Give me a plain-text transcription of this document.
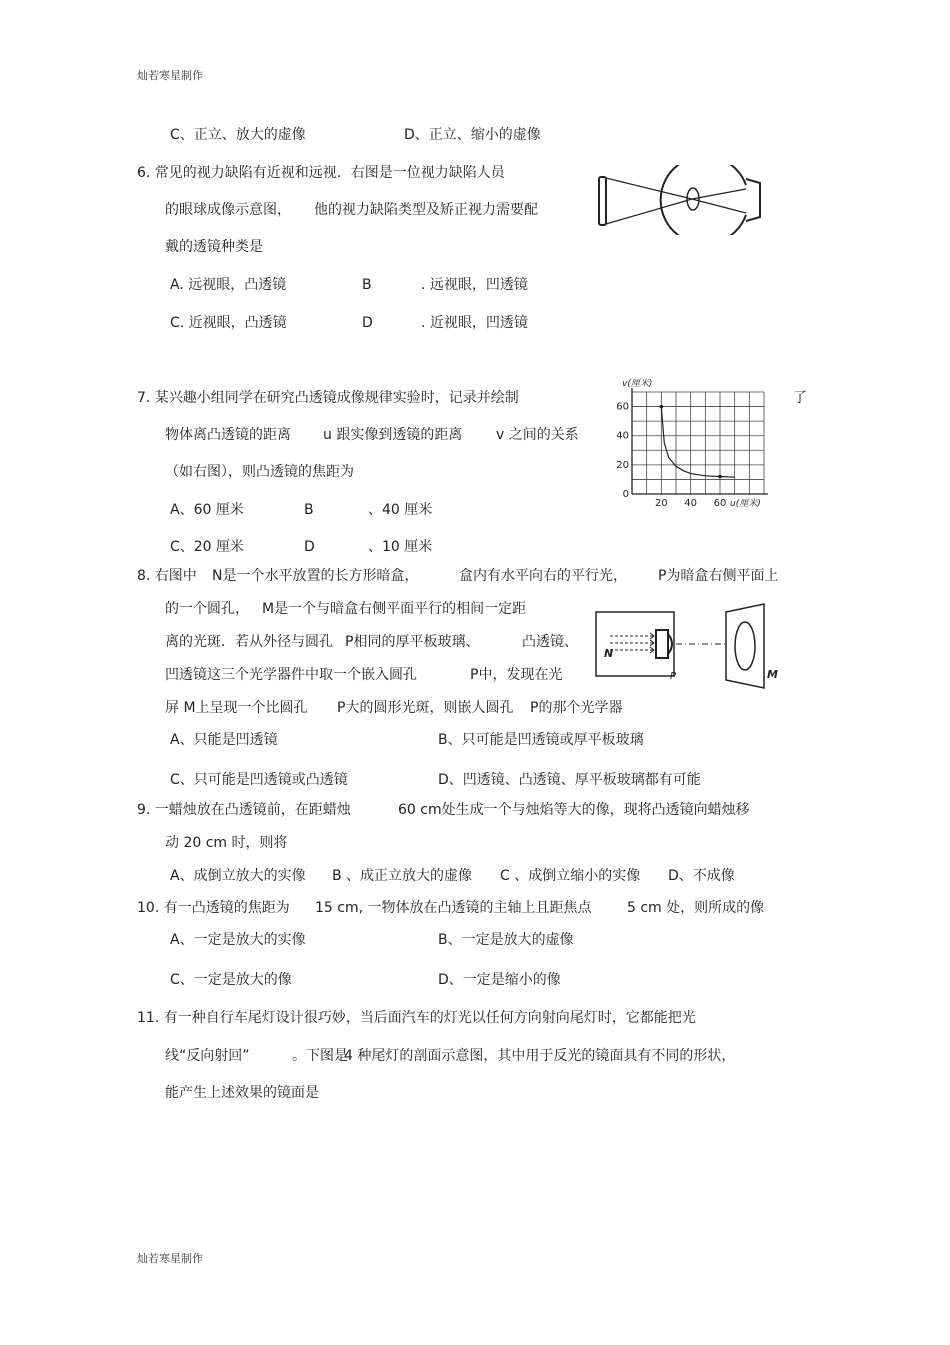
灿若寒星制作
灿若寒星制作
C、正立、放大的虚像	D、正立、缩小的虚像
6. 常见的视力缺陷有近视和远视．右图是一位视力缺陷人员
的眼球成像示意图， 他的视力缺陷类型及矫正视力需要配
戴的透镜种类是
A. 远视眼，凸透镜	B	. 远视眼，凹透镜
C. 近视眼，凸透镜	D	. 近视眼，凹透镜
7. 某兴趣小组同学在研究凸透镜成像规律实验时，记录并绘制	了
物体离凸透镜的距离 u 跟实像到透镜的距离 v 之间的关系
（如右图），则凸透镜的焦距为
A、60 厘米	B	、40 厘米
C、20 厘米	D	、10 厘米
0
20
40
60
20 40 60
v(厘米)
u(厘米)
8. 右图中 N是一个水平放置的长方形暗盒，	盒内有水平向右的平行光， P为暗盒右侧平面上
的一个圆孔， M是一个与暗盒右侧平面平行的相间一定距
离的光斑．若从外径与圆孔 P相同的厚平板玻璃、	凸透镜、
凹透镜这三个光学器件中取一个嵌入圆孔	P中，发现在光
屏 M上呈现一个比圆孔 P大的圆形光斑，则嵌人圆孔 P的那个光学器
A、只能是凹透镜	B、只可能是凹透镜或厚平板玻璃
C、只可能是凹透镜或凸透镜	D、凹透镜、凸透镜、厚平板玻璃都有可能
N
P	M
9. 一蜡烛放在凸透镜前，在距蜡烛	60 cm处生成一个与烛焰等大的像，现将凸透镜向蜡烛移
动 20 cm 时，则将
A、成倒立放大的实像 B 、成正立放大的虚像 C 、成倒立缩小的实像 D、不成像
10. 有一凸透镜的焦距为 15 cm, 一物体放在凸透镜的主轴上且距焦点	5 cm 处，则所成的像
A、一定是放大的实像	B、一定是放大的虚像
C、一定是放大的像	D、一定是缩小的像
11. 有一种自行车尾灯设计很巧妙，当后面汽车的灯光以任何方向射向尾灯时，它都能把光
线“反向射回”	。下图是
4 种尾灯的剖面示意图，其中用于反光的镜面具有不同的形状，
能产生上述效果的镜面是
